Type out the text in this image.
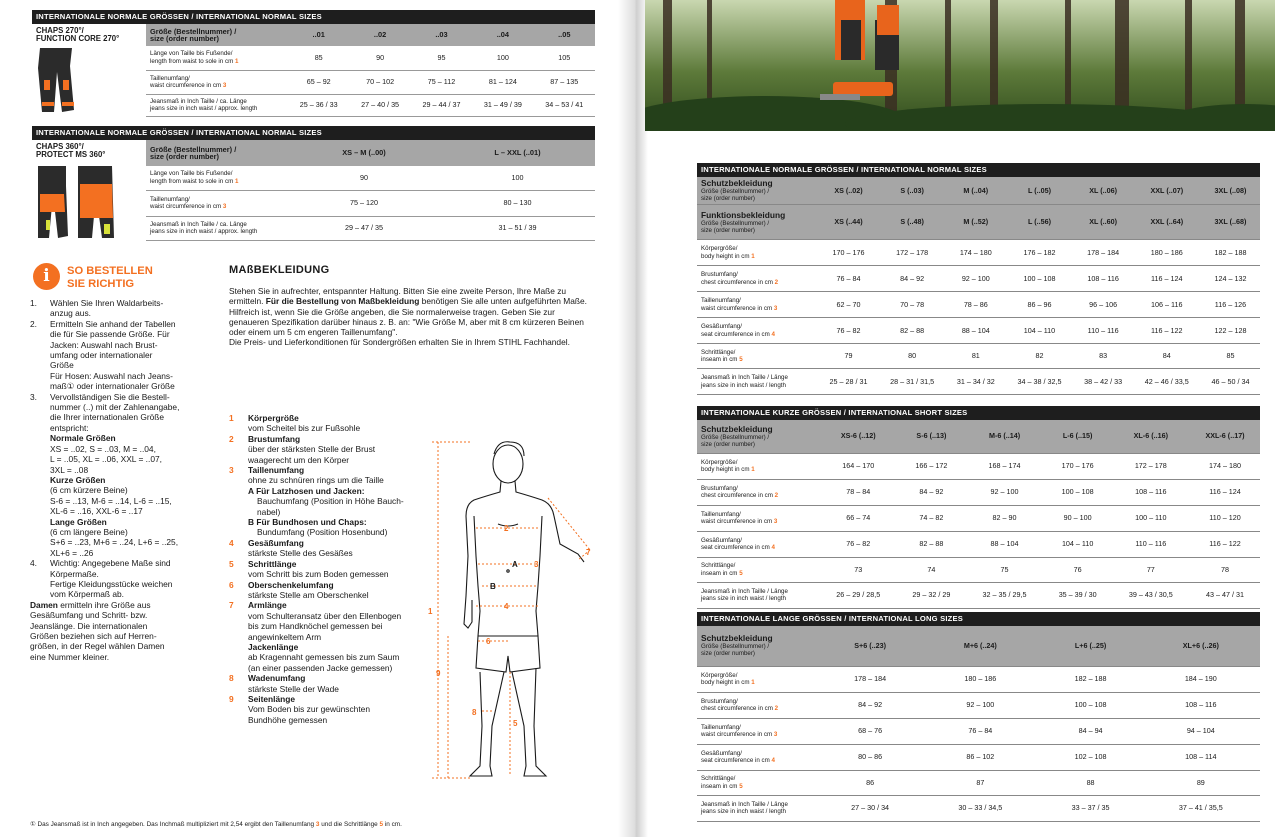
INTERNATIONALE NORMALE GRÖSSEN / INTERNATIONAL NORMAL SIZES
CHAPS 270°/
FUNCTION CORE 270°
Größe (Bestellnummer) /
size (order number)	..01	..02	..03	..04	..05
Länge von Taille bis Fußende/
length from waist to sole in cm 1	85	90	95	100	105
Taillenumfang/
waist circumference in cm 3	65 – 92	70 – 102	75 – 112	81 – 124	87 – 135
Jeansmaß in Inch Taille / ca. Länge
jeans size in inch waist / approx. length	25 – 36 / 33	27 – 40 / 35	29 – 44 / 37	31 – 49 / 39	34 – 53 / 41
INTERNATIONALE NORMALE GRÖSSEN / INTERNATIONAL NORMAL SIZES
CHAPS 360°/
PROTECT MS 360°
Größe (Bestellnummer) /
size (order number)	XS – M (..00)	L – XXL (..01)
Länge von Taille bis Fußende/
length from waist to sole in cm 1	90	100
Taillenumfang/
waist circumference in cm 3	75 – 120	80 – 130
Jeansmaß in Inch Taille / ca. Länge
jeans size in inch waist / approx. length	29 – 47 / 35	31 – 51 / 39
i	SO BESTELLEN
SIE RICHTIG
1. Wählen Sie Ihren Waldarbeits-
anzug aus.
2. Ermitteln Sie anhand der Tabellen
die für Sie passende Größe. Für
Jacken: Auswahl nach Brust-
umfang oder internationaler
Größe
Für Hosen: Auswahl nach Jeans-
maß① oder internationaler Größe
3. Vervollständigen Sie die Bestell-
nummer (..) mit der Zahlenangabe,
die Ihrer internationalen Größe
entspricht:
Normale Größen
XS = ..02, S = ..03, M = ..04,
L = ..05, XL = ..06, XXL = ..07,
3XL = ..08
Kurze Größen
(6 cm kürzere Beine)
S-6 = ..13, M-6 = ..14, L-6 = ..15,
XL-6 = ..16, XXL-6 = ..17
Lange Größen
(6 cm längere Beine)
S+6 = ..23, M+6 = ..24, L+6 = ..25,
XL+6 = ..26
4. Wichtig: Angegebene Maße sind
Körpermaße.
Fertige Kleidungsstücke weichen
vom Körpermaß ab.
Damen ermitteln ihre Größe aus
Gesäßumfang und Schritt- bzw.
Jeanslänge. Die internationalen
Größen beziehen sich auf Herren-
größen, in der Regel wählen Damen
eine Nummer kleiner.
MAßBEKLEIDUNG
Stehen Sie in aufrechter, entspannter Haltung. Bitten Sie eine zweite Person, Ihre Maße zu ermitteln. Für die Bestellung von Maßbekleidung benötigen Sie alle unten aufgeführten Maße. Hilfreich ist, wenn Sie die Größe angeben, die Sie normalerweise tragen. Geben Sie zur genaueren Spezifikation darüber hinaus z. B. an: "Wie Größe M, aber mit 8 cm kürzeren Beinen oder einem um 5 cm engeren Taillenumfang".
Die Preis- und Lieferkonditionen für Sondergrößen erhalten Sie in Ihrem STIHL Fachhandel.
1 Körpergröße
vom Scheitel bis zur Fußsohle
2 Brustumfang
über der stärksten Stelle der Brust
waagerecht um den Körper
3 Taillenumfang
ohne zu schnüren rings um die Taille
A Für Latzhosen und Jacken:
Bauchumfang (Position in Höhe Bauch-
nabel)
B Für Bundhosen und Chaps:
Bundumfang (Position Hosenbund)
4 Gesäßumfang
stärkste Stelle des Gesäßes
5 Schrittlänge
vom Schritt bis zum Boden gemessen
6 Oberschenkelumfang
stärkste Stelle am Oberschenkel
7 Armlänge
vom Schulteransatz über den Ellenbogen
bis zum Handknöchel gemessen bei
angewinkeltem Arm
Jackenlänge
ab Kragennaht gemessen bis zum Saum
(an einer passenden Jacke gemessen)
8 Wadenumfang
stärkste Stelle der Wade
9 Seitenlänge
Vom Boden bis zur gewünschten
Bundhöhe gemessen
1
2
3
4
5
6
7
8
9
A
B
① Das Jeansmaß ist in Inch angegeben. Das Inchmaß multipliziert mit 2,54 ergibt den Taillenumfang 3 und die Schrittlänge 5 in cm.
INTERNATIONALE NORMALE GRÖSSEN / INTERNATIONAL NORMAL SIZES
Schutzbekleidung
Größe (Bestellnummer) /
size (order number)	XS (..02)	S (..03)	M (..04)	L (..05)	XL (..06)	XXL (..07)	3XL (..08)

Funktionsbekleidung
Größe (Bestellnummer) /
size (order number)	XS (..44)	S (..48)	M (..52)	L (..56)	XL (..60)	XXL (..64)	3XL (..68)
Körpergröße/
body height in cm 1	170 – 176	172 – 178	174 – 180	176 – 182	178 – 184	180 – 186	182 – 188
Brustumfang/
chest circumference in cm 2	76 – 84	84 – 92	92 – 100	100 – 108	108 – 116	116 – 124	124 – 132
Taillenumfang/
waist circumference in cm 3	62 – 70	70 – 78	78 – 86	86 – 96	96 – 106	106 – 116	116 – 126
Gesäßumfang/
seat circumference in cm 4	76 – 82	82 – 88	88 – 104	104 – 110	110 – 116	116 – 122	122 – 128
Schrittlänge/
inseam in cm 5	79	80	81	82	83	84	85
Jeansmaß in Inch Taille / Länge
jeans size in inch waist / length	25 – 28 / 31	28 – 31 / 31,5	31 – 34 / 32	34 – 38 / 32,5	38 – 42 / 33	42 – 46 / 33,5	46 – 50 / 34
INTERNATIONALE KURZE GRÖSSEN / INTERNATIONAL SHORT SIZES
Schutzbekleidung
Größe (Bestellnummer) /
size (order number)	XS-6 (..12)	S-6 (..13)	M-6 (..14)	L-6 (..15)	XL-6 (..16)	XXL-6 (..17)	
Körpergröße/
body height in cm 1	164 – 170	166 – 172	168 – 174	170 – 176	172 – 178	174 – 180	
Brustumfang/
chest circumference in cm 2	78 – 84	84 – 92	92 – 100	100 – 108	108 – 116	116 – 124	
Taillenumfang/
waist circumference in cm 3	66 – 74	74 – 82	82 – 90	90 – 100	100 – 110	110 – 120	
Gesäßumfang/
seat circumference in cm 4	76 – 82	82 – 88	88 – 104	104 – 110	110 – 116	116 – 122	
Schrittlänge/
inseam in cm 5	73	74	75	76	77	78	
Jeansmaß in Inch Taille / Länge
jeans size in inch waist / length	26 – 29 / 28,5	29 – 32 / 29	32 – 35 / 29,5	35 – 39 / 30	39 – 43 / 30,5	43 – 47 / 31	
INTERNATIONALE LANGE GRÖSSEN / INTERNATIONAL LONG SIZES
Schutzbekleidung
Größe (Bestellnummer) /
size (order number)		S+6 (..23)	M+6 (..24)	L+6 (..25)	XL+6 (..26)		
Körpergröße/
body height in cm 1		178 – 184	180 – 186	182 – 188	184 – 190		
Brustumfang/
chest circumference in cm 2		84 – 92	92 – 100	100 – 108	108 – 116		
Taillenumfang/
waist circumference in cm 3		68 – 76	76 – 84	84 – 94	94 – 104		
Gesäßumfang/
seat circumference in cm 4		80 – 86	86 – 102	102 – 108	108 – 114		
Schrittlänge/
inseam in cm 5		86	87	88	89		
Jeansmaß in Inch Taille / Länge
jeans size in inch waist / length		27 – 30 / 34	30 – 33 / 34,5	33 – 37 / 35	37 – 41 / 35,5		
